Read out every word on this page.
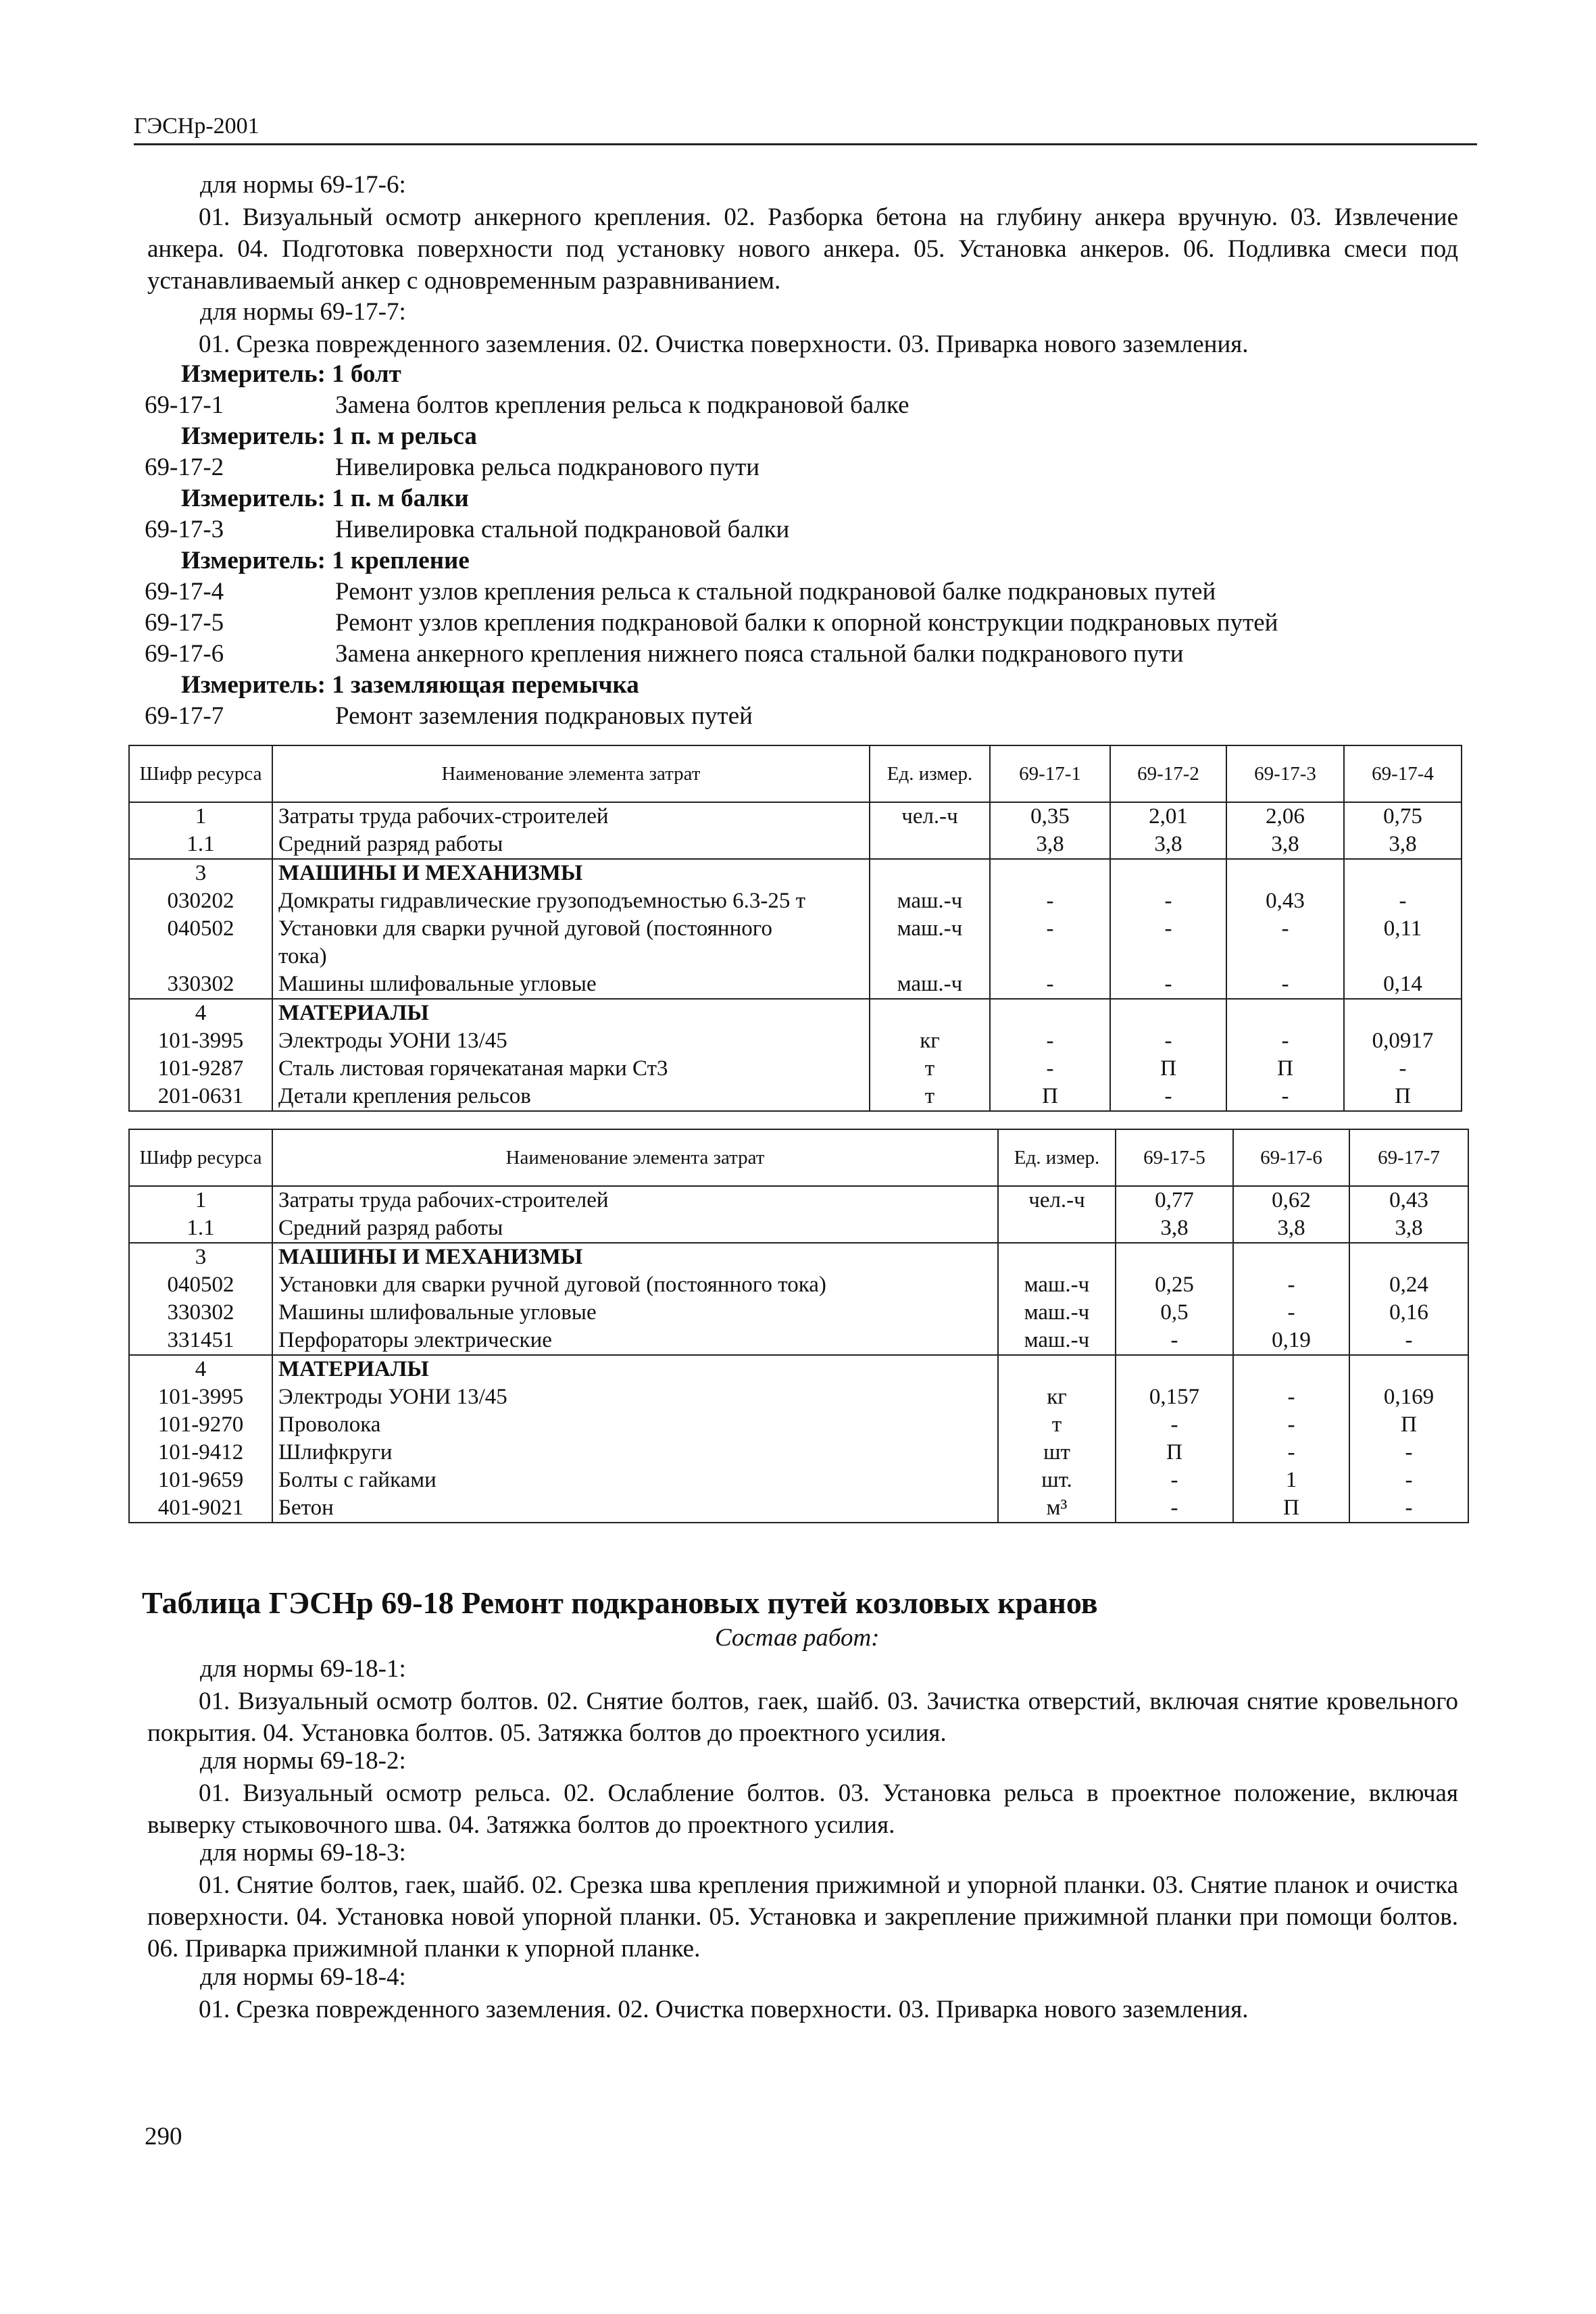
ГЭСНр-2001
для нормы 69-17-6:
01. Визуальный осмотр анкерного крепления. 02. Разборка бетона на глубину анкера вручную. 03. Извлечение анкера. 04. Подготовка поверхности под установку нового анкера. 05. Установка анкеров. 06. Подливка смеси под устанавливаемый анкер с одновременным разравниванием.
для нормы 69-17-7:
01. Срезка поврежденного заземления. 02. Очистка поверхности. 03. Приварка нового заземления.
Измеритель: 1 болт
69-17-1	Замена болтов крепления рельса к подкрановой балке
Измеритель: 1 п. м рельса
69-17-2	Нивелировка рельса подкранового пути
Измеритель: 1 п. м балки
69-17-3	Нивелировка стальной подкрановой балки
Измеритель: 1 крепление
69-17-4	Ремонт узлов крепления рельса к стальной подкрановой балке подкрановых путей
69-17-5	Ремонт узлов крепления подкрановой балки к опорной конструкции подкрановых путей
69-17-6	Замена анкерного крепления нижнего пояса стальной балки подкранового пути
Измеритель: 1 заземляющая перемычка
69-17-7	Ремонт заземления подкрановых путей
Шифр ресурса	Наименование элемента затрат	Ед. измер.	69-17-1	69-17-2	69-17-3	69-17-4
1	Затраты труда рабочих-строителей	чел.-ч	0,35	2,01	2,06	0,75
1.1	Средний разряд работы		3,8	3,8	3,8	3,8
3	МАШИНЫ И МЕХАНИЗМЫ					
030202	Домкраты гидравлические грузоподъемностью 6.3-25 т	маш.-ч	-	-	0,43	-
040502	Установки для сварки ручной дуговой (постоянного	маш.-ч	-	-	-	0,11
	тока)					
330302	Машины шлифовальные угловые	маш.-ч	-	-	-	0,14
4	МАТЕРИАЛЫ					
101-3995	Электроды УОНИ 13/45	кг	-	-	-	0,0917
101-9287	Сталь листовая горячекатаная марки Ст3	т	-	П	П	-
201-0631	Детали крепления рельсов	т	П	-	-	П
Шифр ресурса	Наименование элемента затрат	Ед. измер.	69-17-5	69-17-6	69-17-7
1	Затраты труда рабочих-строителей	чел.-ч	0,77	0,62	0,43
1.1	Средний разряд работы		3,8	3,8	3,8
3	МАШИНЫ И МЕХАНИЗМЫ				
040502	Установки для сварки ручной дуговой (постоянного тока)	маш.-ч	0,25	-	0,24
330302	Машины шлифовальные угловые	маш.-ч	0,5	-	0,16
331451	Перфораторы электрические	маш.-ч	-	0,19	-
4	МАТЕРИАЛЫ				
101-3995	Электроды УОНИ 13/45	кг	0,157	-	0,169
101-9270	Проволока	т	-	-	П
101-9412	Шлифкруги	шт	П	-	-
101-9659	Болты с гайками	шт.	-	1	-
401-9021	Бетон	м³	-	П	-
Таблица ГЭСНр 69-18 Ремонт подкрановых путей козловых кранов
Состав работ:
для нормы 69-18-1:
01. Визуальный осмотр болтов. 02. Снятие болтов, гаек, шайб. 03. Зачистка отверстий, включая снятие кровельного покрытия. 04. Установка болтов. 05. Затяжка болтов до проектного усилия.
для нормы 69-18-2:
01. Визуальный осмотр рельса. 02. Ослабление болтов. 03. Установка рельса в проектное положение, включая выверку стыковочного шва. 04. Затяжка болтов до проектного усилия.
для нормы 69-18-3:
01. Снятие болтов, гаек, шайб. 02. Срезка шва крепления прижимной и упорной планки. 03. Снятие планок и очистка поверхности. 04. Установка новой упорной планки. 05. Установка и закрепление прижимной планки при помощи болтов. 06. Приварка прижимной планки к упорной планке.
для нормы 69-18-4:
01. Срезка поврежденного заземления. 02. Очистка поверхности. 03. Приварка нового заземления.
290
